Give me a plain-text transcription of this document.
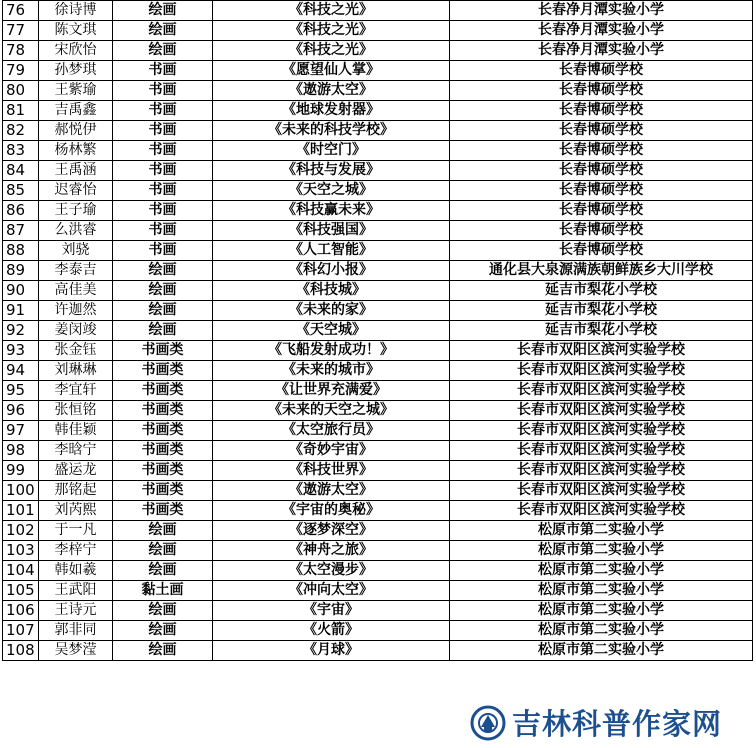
76	徐诗博	绘画	《科技之光》	长春净月潭实验小学
77	陈文琪	绘画	《科技之光》	长春净月潭实验小学
78	宋欣怡	绘画	《科技之光》	长春净月潭实验小学
79	孙梦琪	书画	《愿望仙人掌》	长春博硕学校
80	王紫瑜	书画	《遨游太空》	长春博硕学校
81	吉禹鑫	书画	《地球发射器》	长春博硕学校
82	郝悦伊	书画	《未来的科技学校》	长春博硕学校
83	杨林繁	书画	《时空门》	长春博硕学校
84	王禹涵	书画	《科技与发展》	长春博硕学校
85	迟睿怡	书画	《天空之城》	长春博硕学校
86	王子瑜	书画	《科技赢未来》	长春博硕学校
87	么洪睿	书画	《科技强国》	长春博硕学校
88	刘骁	书画	《人工智能》	长春博硕学校
89	李泰吉	绘画	《科幻小报》	通化县大泉源满族朝鲜族乡大川学校
90	高佳美	绘画	《科技城》	延吉市梨花小学校
91	许迦然	绘画	《未来的家》	延吉市梨花小学校
92	姜闵竣	绘画	《天空城》	延吉市梨花小学校
93	张金钰	书画类	《飞船发射成功！》	长春市双阳区滨河实验学校
94	刘琳琳	书画类	《未来的城市》	长春市双阳区滨河实验学校
95	李宜轩	书画类	《让世界充满爱》	长春市双阳区滨河实验学校
96	张恒铭	书画类	《未来的天空之城》	长春市双阳区滨河实验学校
97	韩佳颖	书画类	《太空旅行员》	长春市双阳区滨河实验学校
98	李晗宁	书画类	《奇妙宇宙》	长春市双阳区滨河实验学校
99	盛运龙	书画类	《科技世界》	长春市双阳区滨河实验学校
100	那铭起	书画类	《遨游太空》	长春市双阳区滨河实验学校
101	刘芮熙	书画类	《宇宙的奥秘》	长春市双阳区滨河实验学校
102	于一凡	绘画	《逐梦深空》	松原市第二实验小学
103	李梓宁	绘画	《神舟之旅》	松原市第二实验小学
104	韩如羲	绘画	《太空漫步》	松原市第二实验小学
105	王武阳	黏土画	《冲向太空》	松原市第二实验小学
106	王诗元	绘画	《宇宙》	松原市第二实验小学
107	郭非同	绘画	《火箭》	松原市第二实验小学
108	吴梦滢	绘画	《月球》	松原市第二实验小学
吉林科普作家网
